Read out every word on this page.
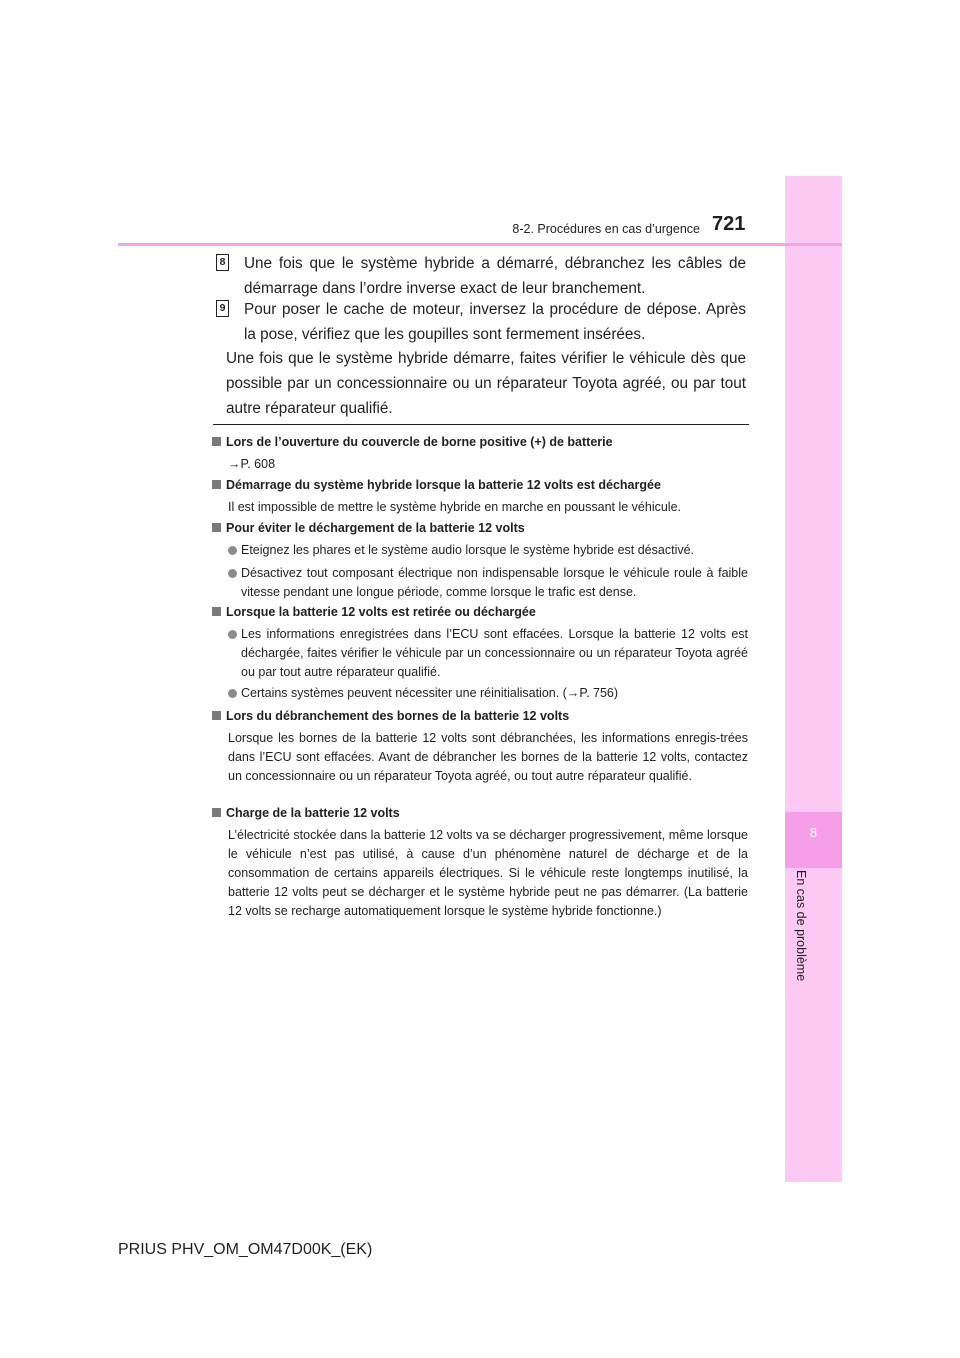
8
En cas de problème
8-2. Procédures en cas d’urgence 721
8 Une fois que le système hybride a démarré, débranchez les câbles de démarrage dans l’ordre inverse exact de leur branchement.
9 Pour poser le cache de moteur, inversez la procédure de dépose. Après la pose, vérifiez que les goupilles sont fermement insérées.
Une fois que le système hybride démarre, faites vérifier le véhicule dès que possible par un concessionnaire ou un réparateur Toyota agréé, ou par tout autre réparateur qualifié.
Lors de l’ouverture du couvercle de borne positive (+) de batterie
→P. 608
Démarrage du système hybride lorsque la batterie 12 volts est déchargée
Il est impossible de mettre le système hybride en marche en poussant le véhicule.
Pour éviter le déchargement de la batterie 12 volts
Eteignez les phares et le système audio lorsque le système hybride est désactivé.
Désactivez tout composant électrique non indispensable lorsque le véhicule roule à faible vitesse pendant une longue période, comme lorsque le trafic est dense.
Lorsque la batterie 12 volts est retirée ou déchargée
Les informations enregistrées dans l’ECU sont effacées. Lorsque la batterie 12 volts est déchargée, faites vérifier le véhicule par un concessionnaire ou un réparateur Toyota agréé ou par tout autre réparateur qualifié.
Certains systèmes peuvent nécessiter une réinitialisation. (→P. 756)
Lors du débranchement des bornes de la batterie 12 volts
Lorsque les bornes de la batterie 12 volts sont débranchées, les informations enregis-trées dans l’ECU sont effacées. Avant de débrancher les bornes de la batterie 12 volts, contactez un concessionnaire ou un réparateur Toyota agréé, ou tout autre réparateur qualifié.
Charge de la batterie 12 volts
L’électricité stockée dans la batterie 12 volts va se décharger progressivement, même lorsque le véhicule n’est pas utilisé, à cause d’un phénomène naturel de décharge et de la consommation de certains appareils électriques. Si le véhicule reste longtemps inutilisé, la batterie 12 volts peut se décharger et le système hybride peut ne pas démarrer. (La batterie 12 volts se recharge automatiquement lorsque le système hybride fonctionne.)
PRIUS PHV_OM_OM47D00K_(EK)
